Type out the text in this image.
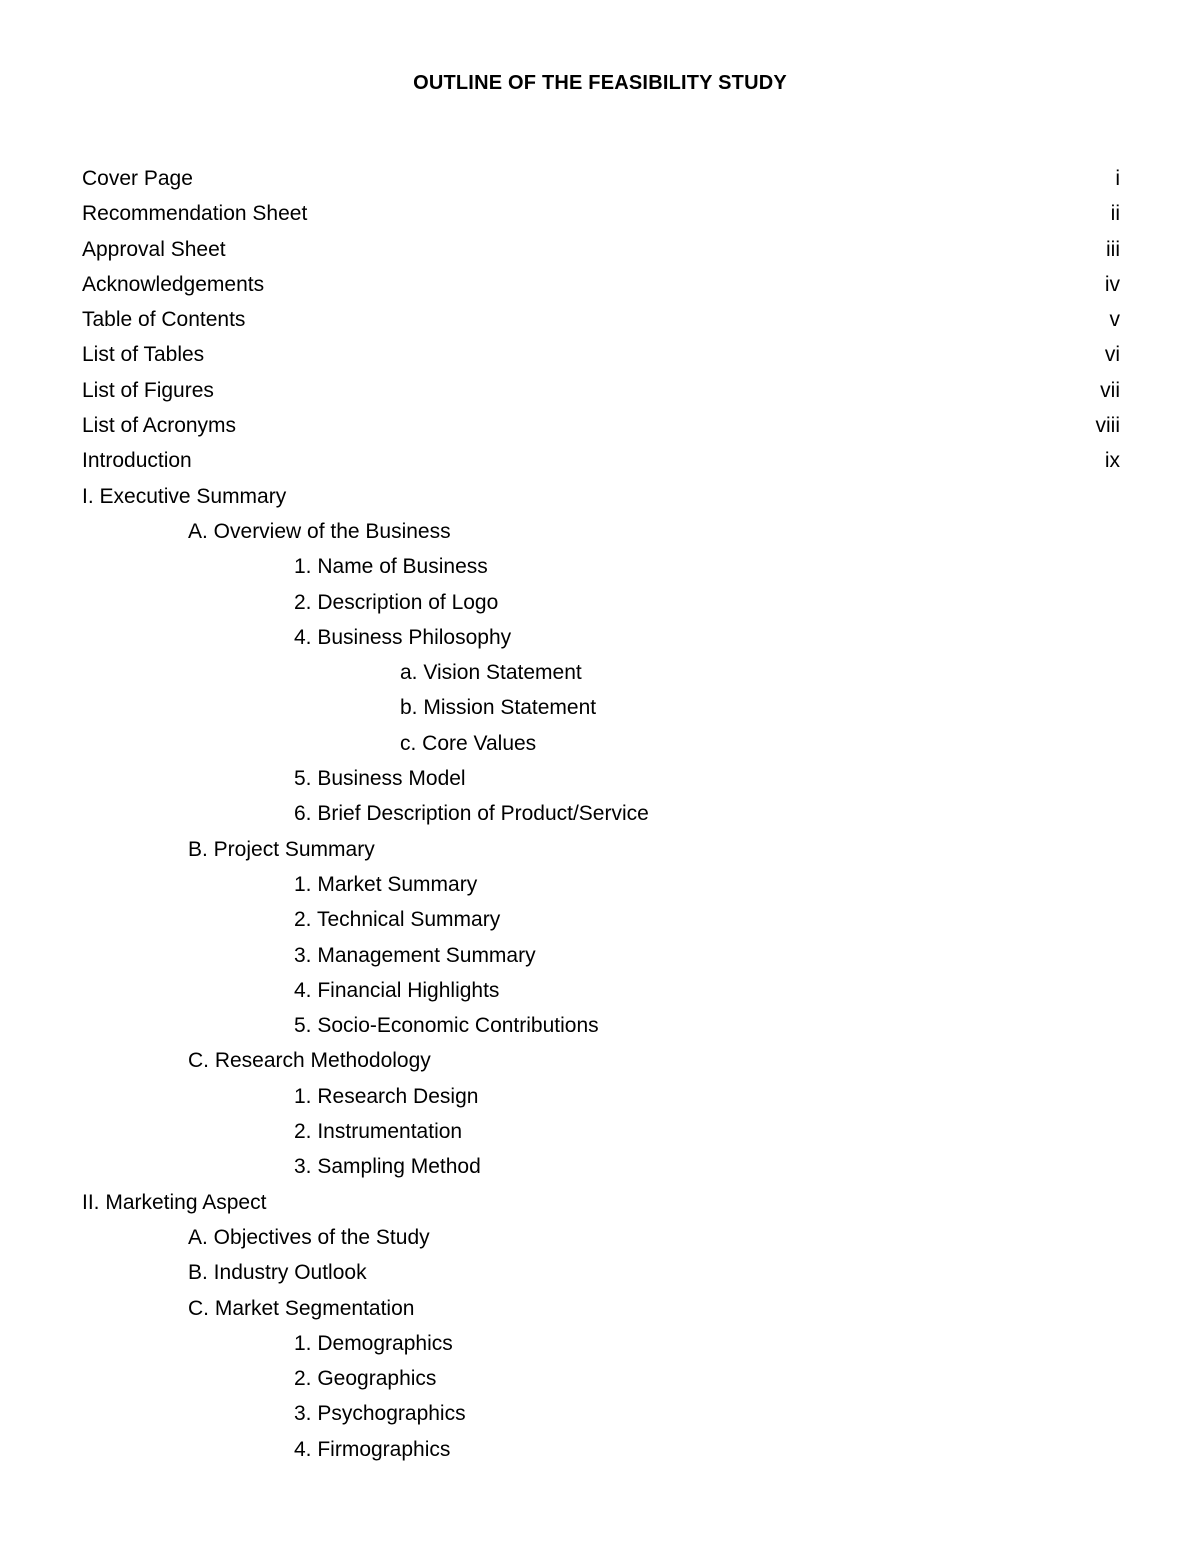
OUTLINE OF THE FEASIBILITY STUDY
Cover Page	i
Recommendation Sheet	ii
Approval Sheet	iii
Acknowledgements	iv
Table of Contents	v
List of Tables	vi
List of Figures	vii
List of Acronyms	viii
Introduction	ix
I. Executive Summary
A. Overview of the Business
1. Name of Business
2. Description of Logo
4. Business Philosophy
a. Vision Statement
b. Mission Statement
c. Core Values
5. Business Model
6. Brief Description of Product/Service
B. Project Summary
1. Market Summary
2. Technical Summary
3. Management Summary
4. Financial Highlights
5. Socio-Economic Contributions
C. Research Methodology
1. Research Design
2. Instrumentation
3. Sampling Method
II. Marketing Aspect
A. Objectives of the Study
B. Industry Outlook
C. Market Segmentation
1. Demographics
2. Geographics
3. Psychographics
4. Firmographics
